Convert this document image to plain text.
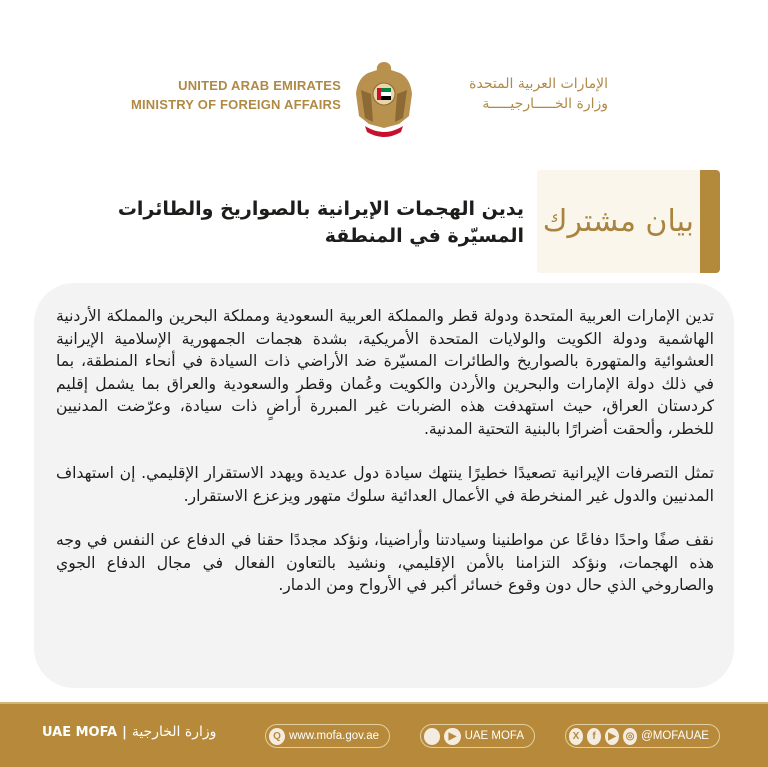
UNITED ARAB EMIRATES
MINISTRY OF FOREIGN AFFAIRS
الإمارات العربية المتحدة
وزارة الخـــــارجيـــــة
بيان مشترك
يدين الهجمات الإيرانية بالصواريخ والطائرات المسيّرة في المنطقة

تدين الإمارات العربية المتحدة ودولة قطر والمملكة العربية السعودية ومملكة البحرين والمملكة الأردنية الهاشمية ودولة الكويت والولايات المتحدة الأمريكية، بشدة هجمات الجمهورية الإسلامية الإيرانية العشوائية والمتهورة بالصواريخ والطائرات المسيّرة ضد الأراضي ذات السيادة في أنحاء المنطقة، بما في ذلك دولة الإمارات والبحرين والأردن والكويت وعُمان وقطر والسعودية والعراق بما يشمل إقليم كردستان العراق، حيث استهدفت هذه الضربات غير المبررة أراضٍ ذات سيادة، وعرّضت المدنيين للخطر، وألحقت أضرارًا بالبنية التحتية المدنية.

تمثل التصرفات الإيرانية تصعيدًا خطيرًا ينتهك سيادة دول عديدة ويهدد الاستقرار الإقليمي. إن استهداف المدنيين والدول غير المنخرطة في الأعمال العدائية سلوك متهور ويزعزع الاستقرار.

نقف صفًا واحدًا دفاعًا عن مواطنينا وسيادتنا وأراضينا، ونؤكد مجددًا حقنا في الدفاع عن النفس في وجه هذه الهجمات، ونؤكد التزامنا بالأمن الإقليمي، ونشيد بالتعاون الفعال في مجال الدفاع الجوي والصاروخي الذي حال دون وقوع خسائر أكبر في الأرواح ومن الدمار.

UAE MOFA | وزارة الخارجية	Q www.mofa.gov.ae	▶ UAE MOFA	X	f	▶ ◎ @MOFAUAE
